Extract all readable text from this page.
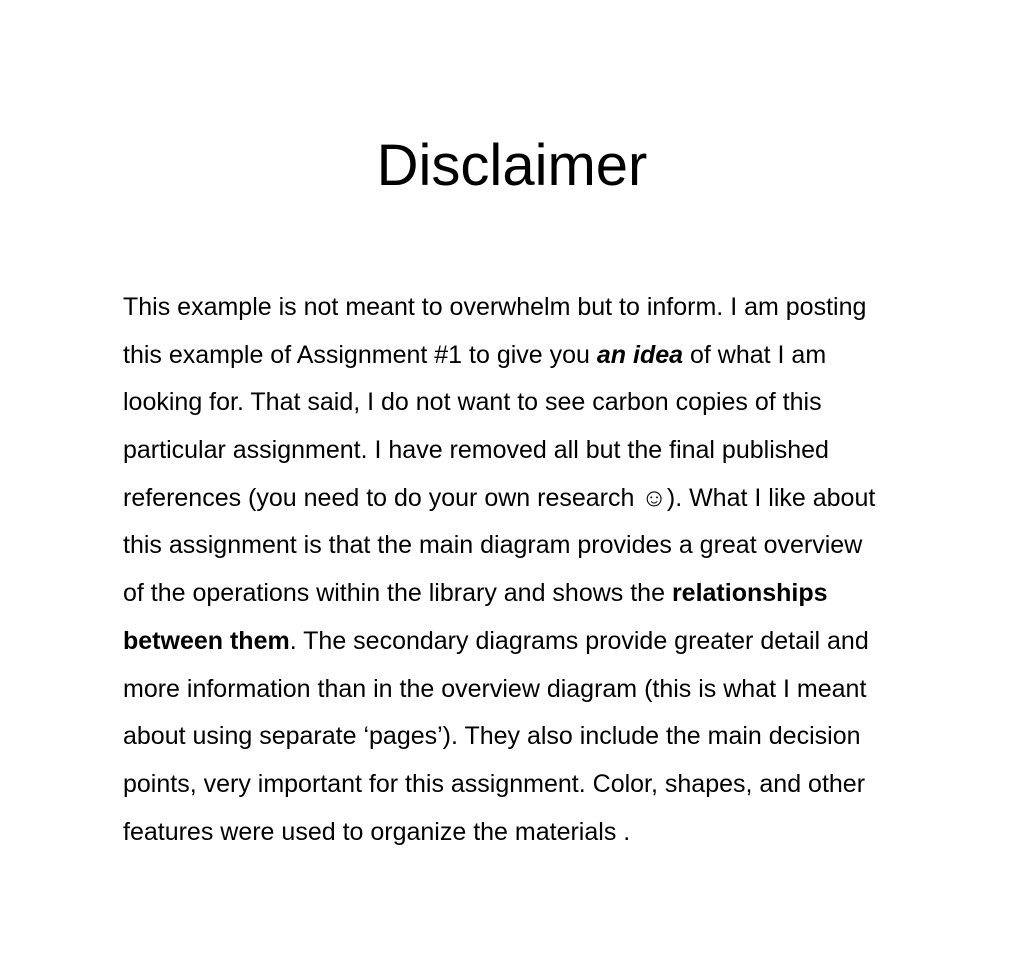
Disclaimer
This example is not meant to overwhelm but to inform. I am posting
this example of Assignment #1 to give you an idea of what I am
looking for. That said, I do not want to see carbon copies of this
particular assignment. I have removed all but the final published
references (you need to do your own research ☺). What I like about
this assignment is that the main diagram provides a great overview
of the operations within the library and shows the relationships
between them. The secondary diagrams provide greater detail and
more information than in the overview diagram (this is what I meant
about using separate ‘pages’). They also include the main decision
points, very important for this assignment. Color, shapes, and other
features were used to organize the materials .
